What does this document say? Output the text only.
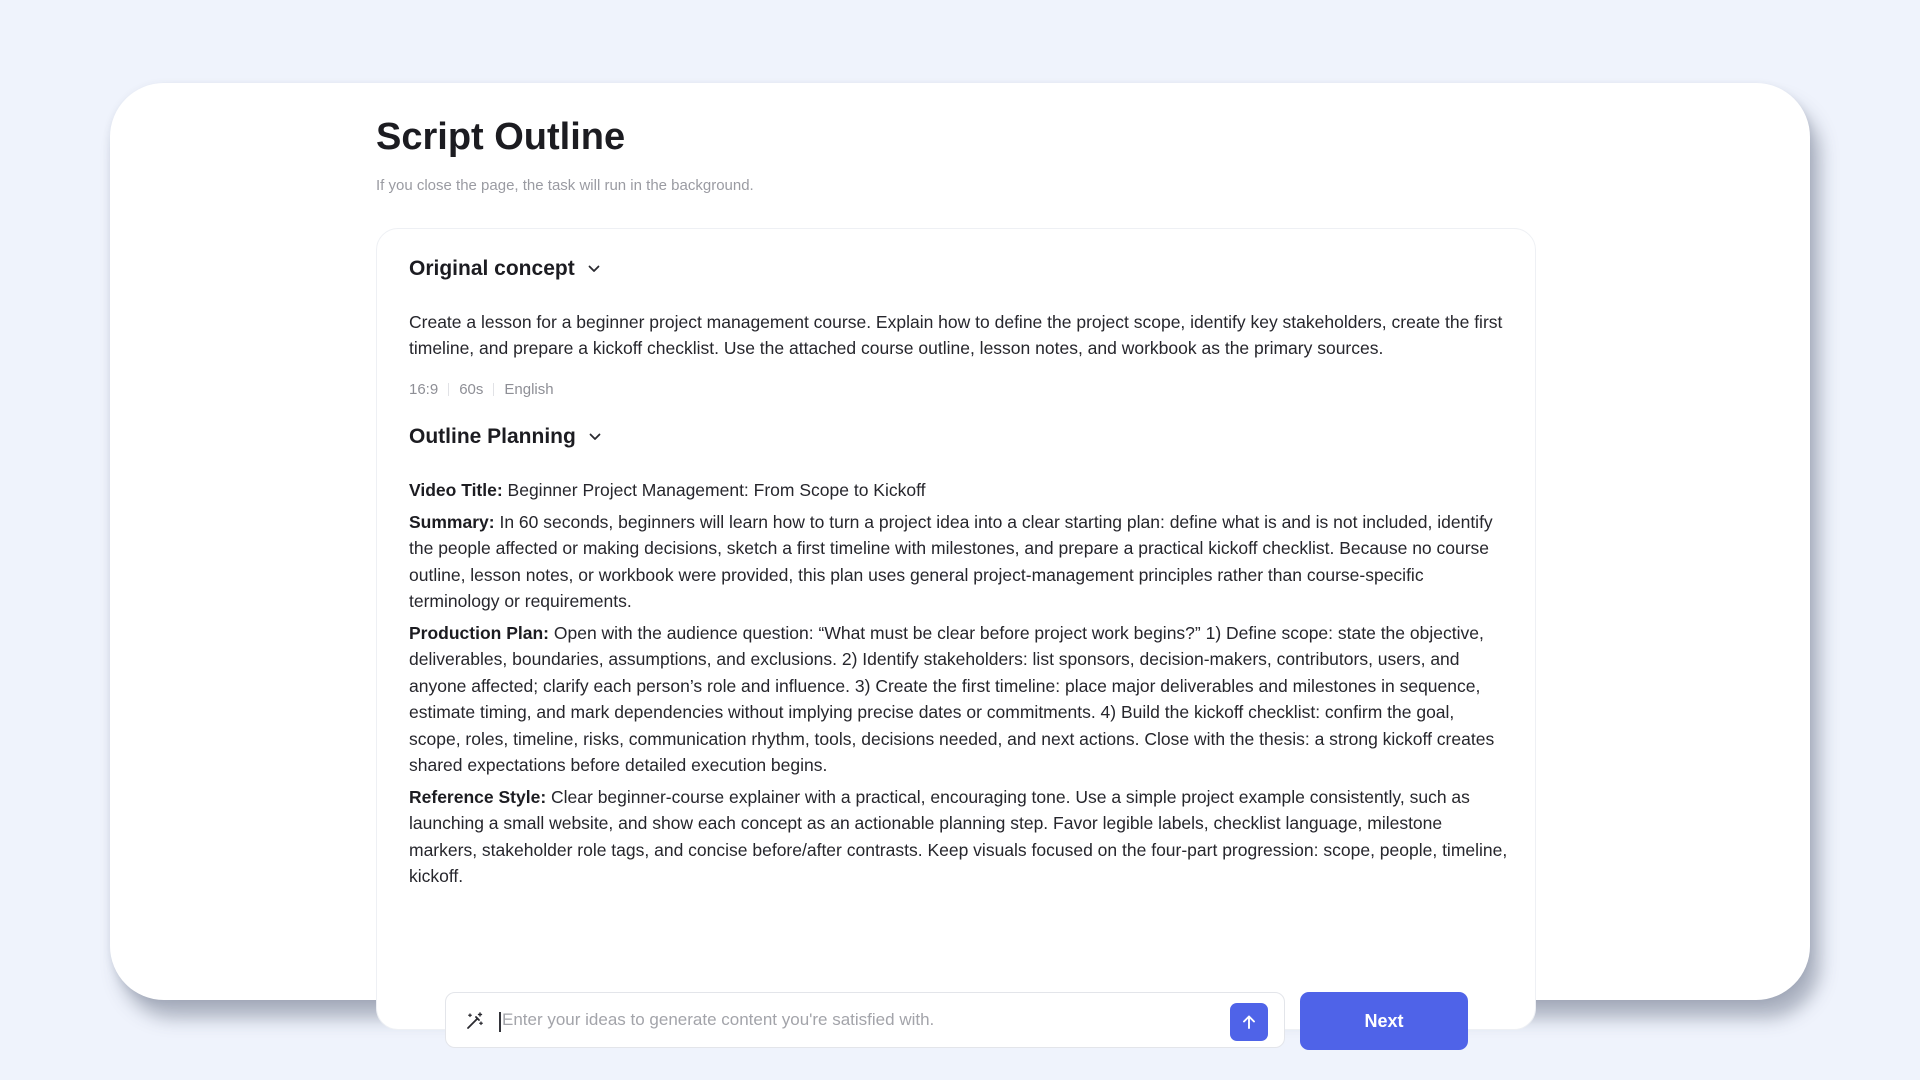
Script Outline
If you close the page, the task will run in the background.
Original concept
Create a lesson for a beginner project management course. Explain how to define the project scope, identify key stakeholders, create the first timeline, and prepare a kickoff checklist. Use the attached course outline, lesson notes, and workbook as the primary sources.
16:9 60s English
Outline Planning

Video Title: Beginner Project Management: From Scope to Kickoff

Summary: In 60 seconds, beginners will learn how to turn a project idea into a clear starting plan: define what is and is not included, identify the people affected or making decisions, sketch a first timeline with milestones, and prepare a practical kickoff checklist. Because no course outline, lesson notes, or workbook were provided, this plan uses general project-management principles rather than course-specific terminology or requirements.

Production Plan: Open with the audience question: “What must be clear before project work begins?” 1) Define scope: state the objective, deliverables, boundaries, assumptions, and exclusions. 2) Identify stakeholders: list sponsors, decision-makers, contributors, users, and anyone affected; clarify each person’s role and influence. 3) Create the first timeline: place major deliverables and milestones in sequence, estimate timing, and mark dependencies without implying precise dates or commitments. 4) Build the kickoff checklist: confirm the goal, scope, roles, timeline, risks, communication rhythm, tools, decisions needed, and next actions. Close with the thesis: a strong kickoff creates shared expectations before detailed execution begins.

Reference Style: Clear beginner-course explainer with a practical, encouraging tone. Use a simple project example consistently, such as launching a small website, and show each concept as an actionable planning step. Favor legible labels, checklist language, milestone markers, stakeholder role tags, and concise before/after contrasts. Keep visuals focused on the four-part progression: scope, people, timeline, kickoff.

Enter your ideas to generate content you're satisfied with.
Next
